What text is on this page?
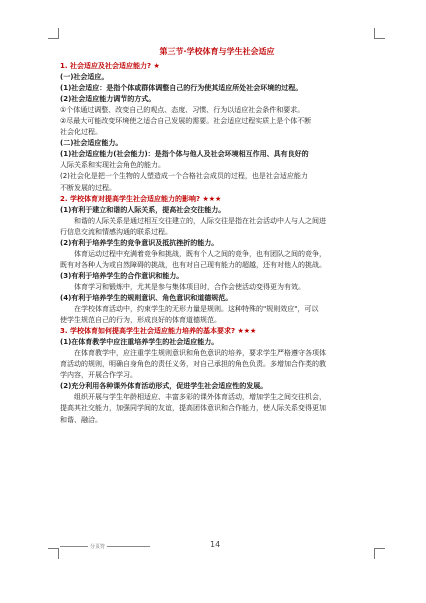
第三节·学校体育与学生社会适应
1. 社会适应及社会适应能力? ★
(一)社会适应。
(1)社会适应：是指个体或群体调整自己的行为使其适应所处社会环境的过程。
(2)社会适应能力调节的方式。
①个体通过调整、改变自己的观点、态度、习惯、行为以适应社会条件和要求。
②尽最大可能改变环境使之适合自己发展的需要。社会适应过程实质上是个体不断
社会化过程。
(二)社会适应能力。
(1)社会适应能力(社会能力)：是指个体与他人及社会环境相互作用、具有良好的
人际关系和实现社会角色的能力。
(2)社会化是把一个生物的人塑造成一个合格社会成员的过程，也是社会适应能力
不断发展的过程。
2. 学校体育对提高学生社会适应能力的影响? ★★★
(1)有利于建立和谐的人际关系，提高社会交往能力。
和谐的人际关系是通过相互交往建立的，人际交往是指在社会活动中人与人之间进
行信息交流和情感沟通的联系过程。
(2)有利于培养学生的竞争意识及抵抗挫折的能力。
体育运动过程中充满着竞争和挑战，既有个人之间的竞争，也有团队之间的竞争，
既有对各种人为或自然障碍的挑战，也有对自己现有能力的超越，还有对他人的挑战。
(3)有利于培养学生的合作意识和能力。
体育学习和锻炼中，尤其是参与集体项目时，合作会使活动变得更为有效。
(4)有利于培养学生的规则意识、角色意识和道德规范。
在学校体育活动中，约束学生的无形力量是规则。这种特殊的"规则效应"，可以
使学生规范自己的行为，形成良好的体育道德规范。
3. 学校体育如何提高学生社会适应能力培养的基本要求? ★★★
(1)在体育教学中应注重培养学生的社会适应能力。
在体育教学中，应注重学生规则意识和角色意识的培养，要求学生严格遵守各项体
育活动的规则，明确自身角色的责任义务，对自己承担的角色负责。多增加合作类的教
学内容，开展合作学习。
(2)充分利用各种课外体育活动形式，促进学生社会适应性的发展。
组织开展与学生年龄相适应、丰富多彩的课外体育活动，增加学生之间交往机会，
提高其社交能力，加强同学间的友谊，提高团体意识和合作能力，使人际关系变得更加
和谐、融洽。
分页符	14
